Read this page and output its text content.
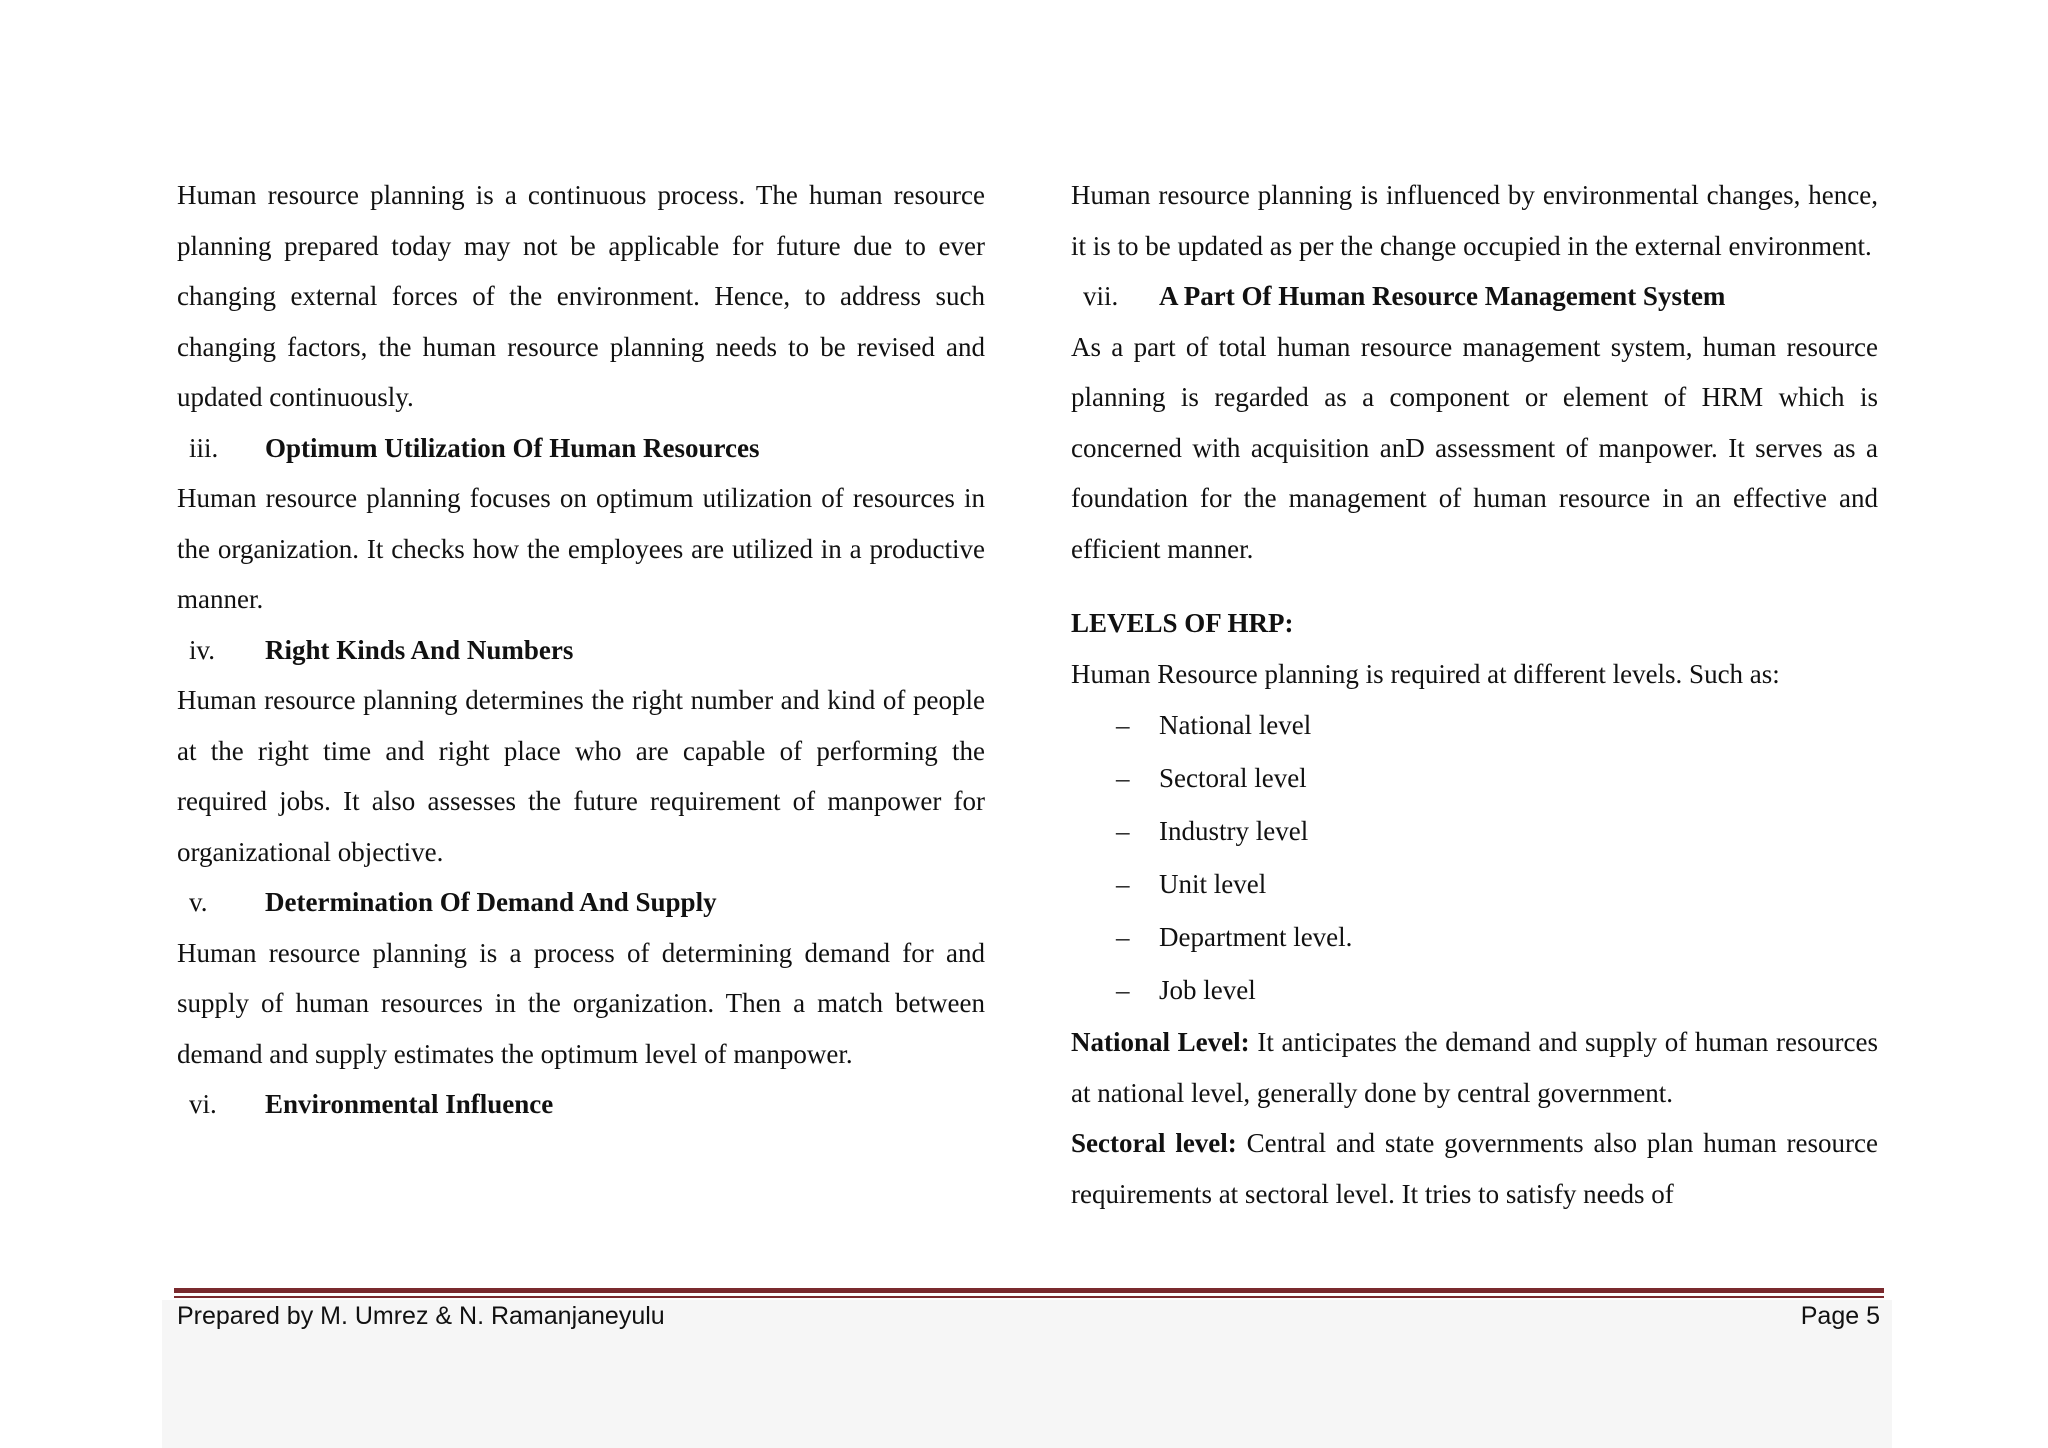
Human resource planning is a continuous process. The human resource planning prepared today may not be applicable for future due to ever changing external forces of the environment. Hence, to address such changing factors, the human resource planning needs to be revised and updated continuously.

iii. Optimum Utilization Of Human Resources

Human resource planning focuses on optimum utilization of resources in the organization. It checks how the employees are utilized in a productive manner.

iv. Right Kinds And Numbers

Human resource planning determines the right number and kind of people at the right time and right place who are capable of performing the required jobs. It also assesses the future requirement of manpower for organizational objective.

v. Determination Of Demand And Supply

Human resource planning is a process of determining demand for and supply of human resources in the organization. Then a match between demand and supply estimates the optimum level of manpower.

vi. Environmental Influence

Human resource planning is influenced by environmental changes, hence, it is to be updated as per the change occupied in the external environment.

vii. A Part Of Human Resource Management System

As a part of total human resource management system, human resource planning is regarded as a component or element of HRM which is concerned with acquisition anD assessment of manpower. It serves as a foundation for the management of human resource in an effective and efficient manner.

LEVELS OF HRP:

Human Resource planning is required at different levels. Such as:

–	National level
–	Sectoral level
–	Industry level
–	Unit level
–	Department level.
–	Job level

National Level: It anticipates the demand and supply of human resources at national level, generally done by central government.

Sectoral level: Central and state governments also plan human resource requirements at sectoral level. It tries to satisfy needs of

Prepared by M. Umrez & N. Ramanjaneyulu	Page 5
